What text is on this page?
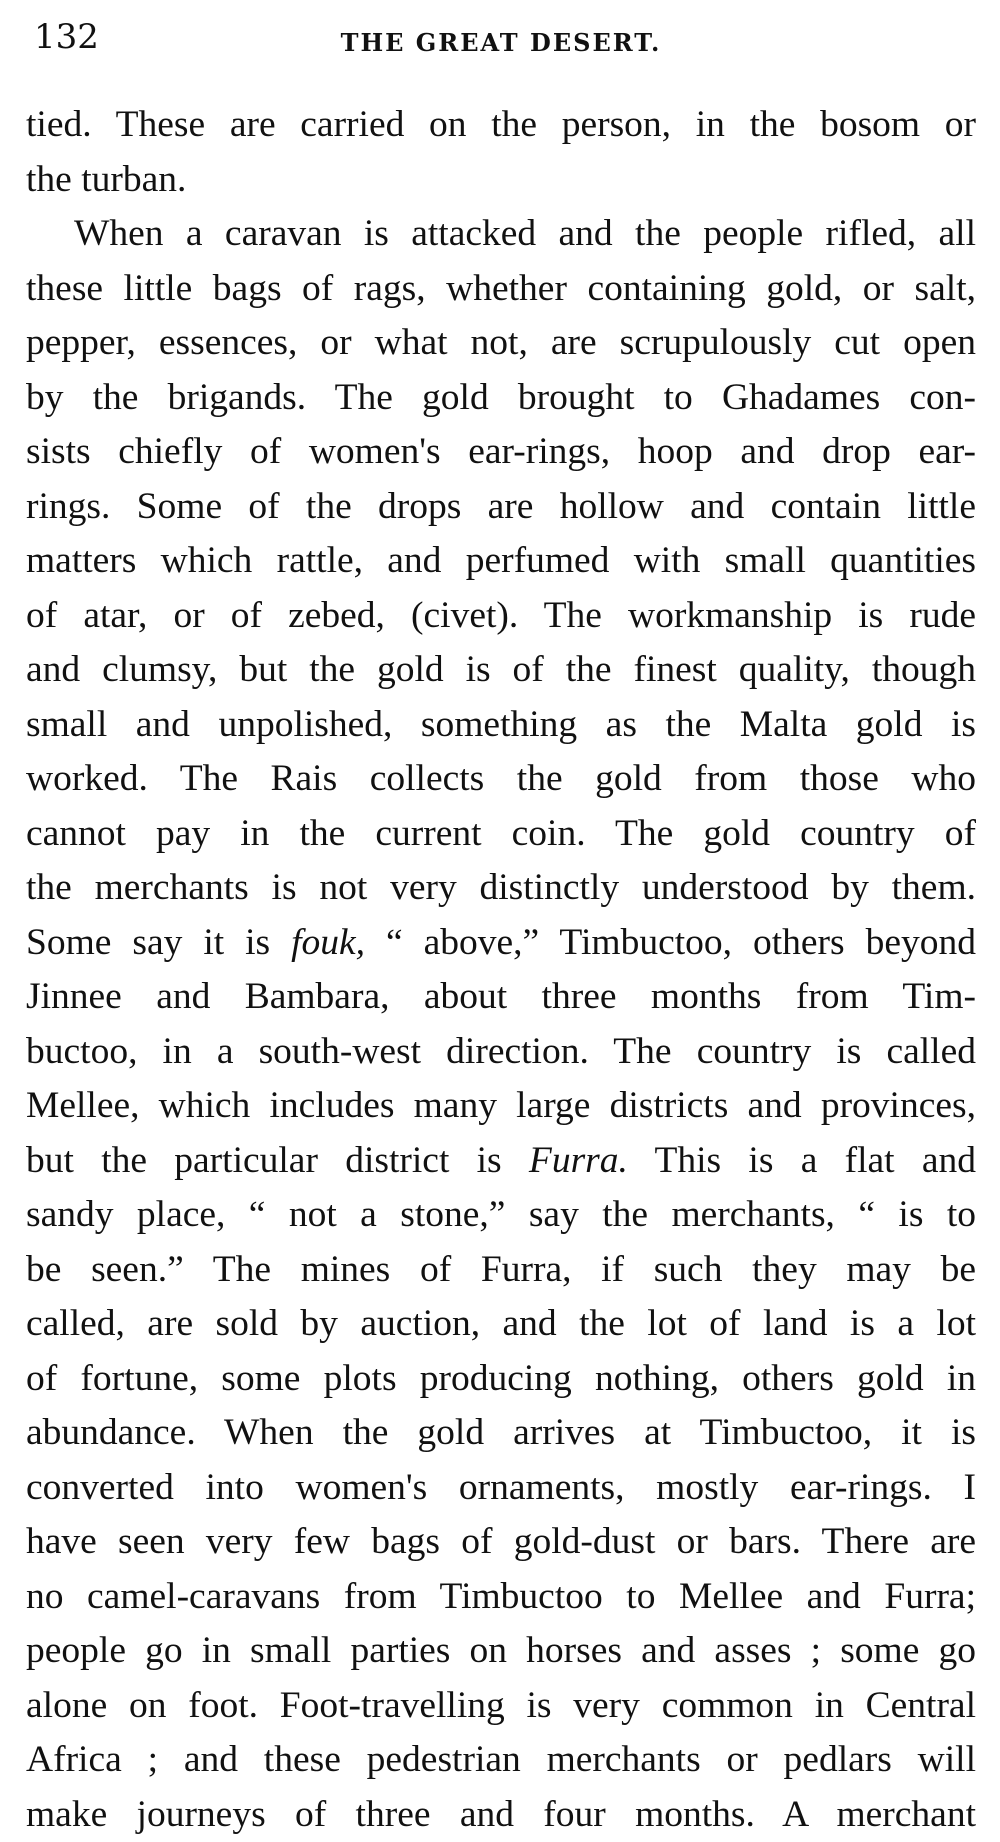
132	THE GREAT DESERT.
tied. These are carried on the person, in the bosom or
the turban.
When a caravan is attacked and the people rifled, all
these little bags of rags, whether containing gold, or salt,
pepper, essences, or what not, are scrupulously cut open
by the brigands. The gold brought to Ghadames con-
sists chiefly of women's ear-rings, hoop and drop ear-
rings. Some of the drops are hollow and contain little
matters which rattle, and perfumed with small quantities
of atar, or of zebed, (civet). The workmanship is rude
and clumsy, but the gold is of the finest quality, though
small and unpolished, something as the Malta gold is
worked. The Rais collects the gold from those who
cannot pay in the current coin. The gold country of
the merchants is not very distinctly understood by them.
Some say it is fouk, “ above,” Timbuctoo, others beyond
Jinnee and Bambara, about three months from Tim-
buctoo, in a south-west direction. The country is called
Mellee, which includes many large districts and provinces,
but the particular district is Furra. This is a flat and
sandy place, “ not a stone,” say the merchants, “ is to
be seen.” The mines of Furra, if such they may be
called, are sold by auction, and the lot of land is a lot
of fortune, some plots producing nothing, others gold in
abundance. When the gold arrives at Timbuctoo, it is
converted into women's ornaments, mostly ear-rings. I
have seen very few bags of gold-dust or bars. There are
no camel-caravans from Timbuctoo to Mellee and Furra;
people go in small parties on horses and asses ; some go
alone on foot. Foot-travelling is very common in Central
Africa ; and these pedestrian merchants or pedlars will
make journeys of three and four months. A merchant
